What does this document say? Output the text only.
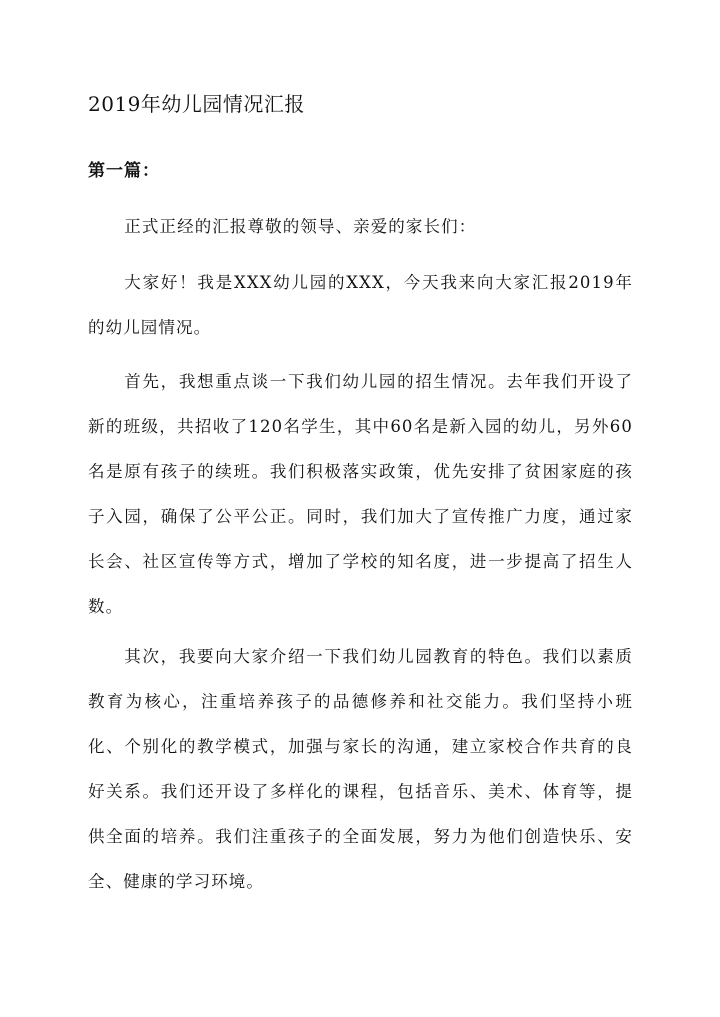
2019年幼儿园情况汇报
第一篇：

正式正经的汇报尊敬的领导、亲爱的家长们：

大家好！我是XXX幼儿园的XXX，今天我来向大家汇报2019年的幼儿园情况。

首先，我想重点谈一下我们幼儿园的招生情况。去年我们开设了新的班级，共招收了120名学生，其中60名是新入园的幼儿，另外60名是原有孩子的续班。我们积极落实政策，优先安排了贫困家庭的孩子入园，确保了公平公正。同时，我们加大了宣传推广力度，通过家长会、社区宣传等方式，增加了学校的知名度，进一步提高了招生人数。

其次，我要向大家介绍一下我们幼儿园教育的特色。我们以素质教育为核心，注重培养孩子的品德修养和社交能力。我们坚持小班化、个别化的教学模式，加强与家长的沟通，建立家校合作共育的良好关系。我们还开设了多样化的课程，包括音乐、美术、体育等，提供全面的培养。我们注重孩子的全面发展，努力为他们创造快乐、安全、健康的学习环境。
